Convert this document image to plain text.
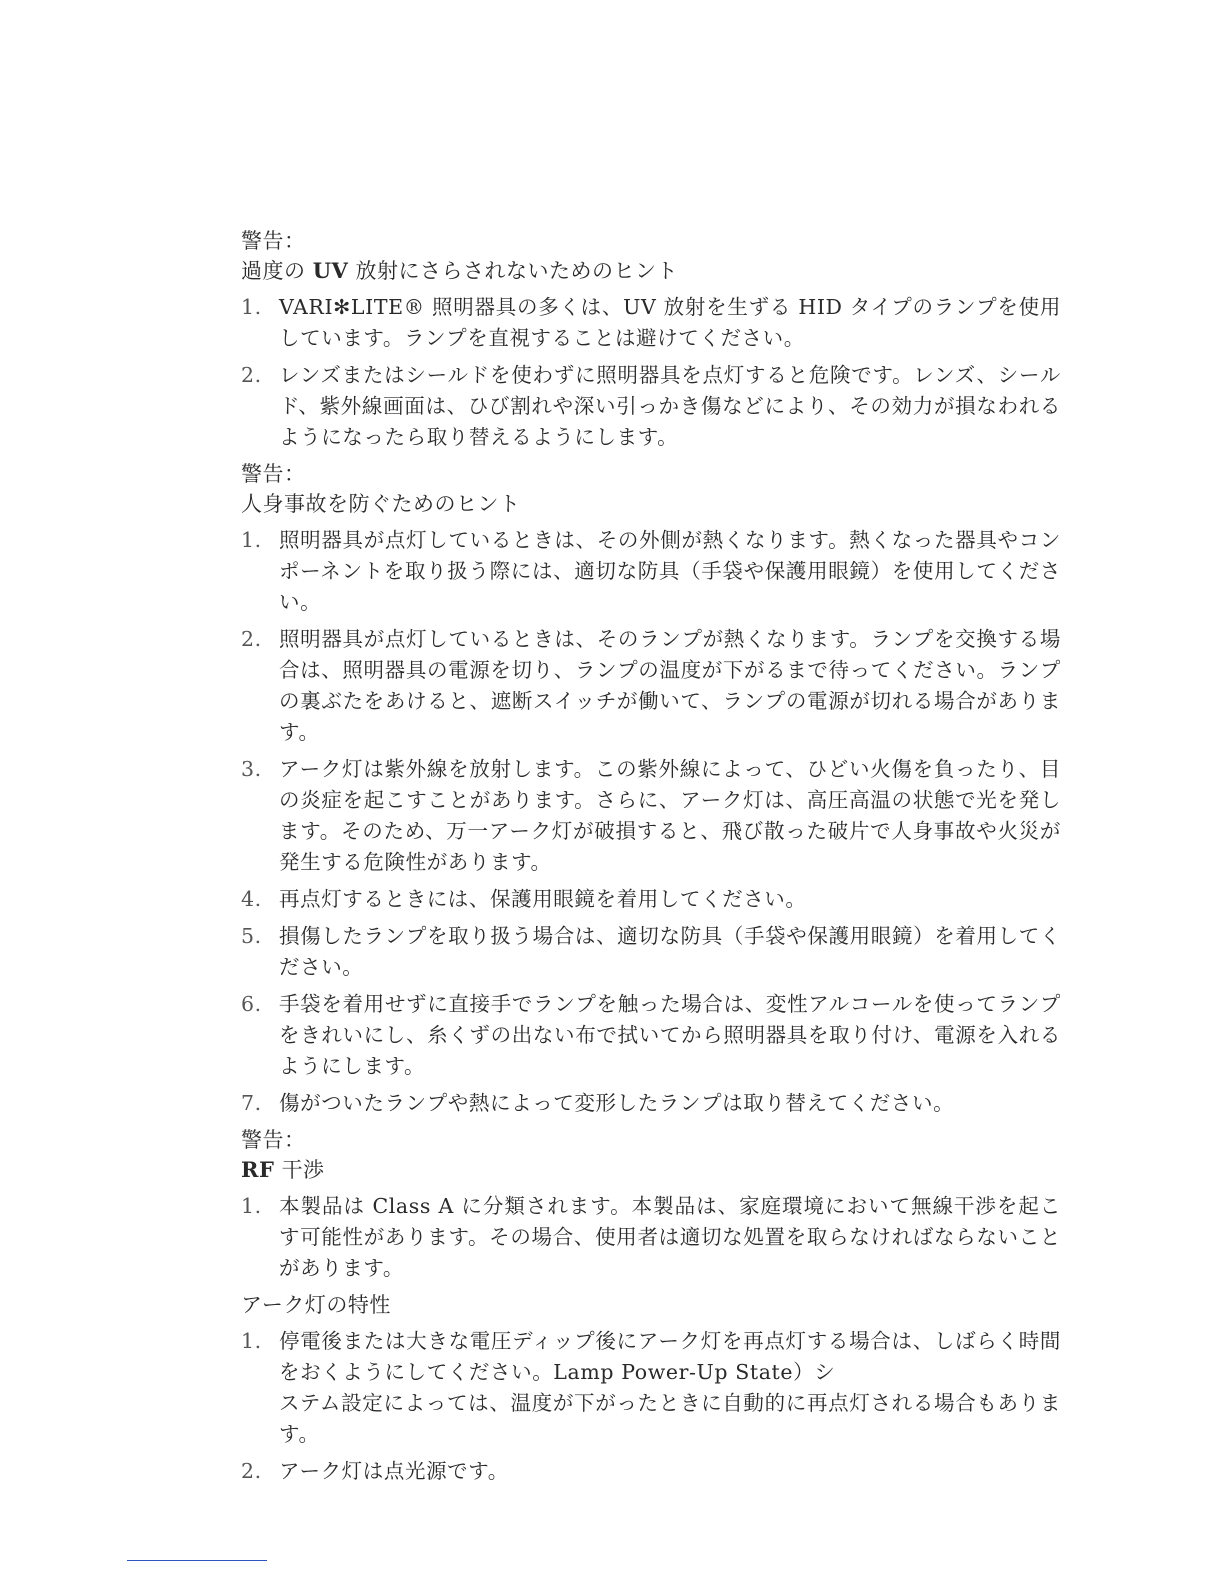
警告：

過度の UV 放射にさらされないためのヒント

1. VARI✻LITE® 照明器具の多くは、UV 放射を生ずる HID タイプのランプを使用しています。ランプを直視することは避けてください。
2. レンズまたはシールドを使わずに照明器具を点灯すると危険です。レンズ、シールド、紫外線画面は、ひび割れや深い引っかき傷などにより、その効力が損なわれるようになったら取り替えるようにします。

警告：

人身事故を防ぐためのヒント

1. 照明器具が点灯しているときは、その外側が熱くなります。熱くなった器具やコンポーネントを取り扱う際には、適切な防具（手袋や保護用眼鏡）を使用してください。
2. 照明器具が点灯しているときは、そのランプが熱くなります。ランプを交換する場合は、照明器具の電源を切り、ランプの温度が下がるまで待ってください。ランプの裏ぶたをあけると、遮断スイッチが働いて、ランプの電源が切れる場合があります。
3. アーク灯は紫外線を放射します。この紫外線によって、ひどい火傷を負ったり、目の炎症を起こすことがあります。さらに、アーク灯は、高圧高温の状態で光を発します。そのため、万一アーク灯が破損すると、飛び散った破片で人身事故や火災が発生する危険性があります。
4. 再点灯するときには、保護用眼鏡を着用してください。
5. 損傷したランプを取り扱う場合は、適切な防具（手袋や保護用眼鏡）を着用してください。
6. 手袋を着用せずに直接手でランプを触った場合は、変性アルコールを使ってランプをきれいにし、糸くずの出ない布で拭いてから照明器具を取り付け、電源を入れるようにします。
7. 傷がついたランプや熱によって変形したランプは取り替えてください。

警告：

RF 干渉

1. 本製品は Class A に分類されます。本製品は、家庭環境において無線干渉を起こす可能性があります。その場合、使用者は適切な処置を取らなければならないことがあります。

アーク灯の特性

1. 停電後または大きな電圧ディップ後にアーク灯を再点灯する場合は、しばらく時間をおくようにしてください。Lamp Power-Up State）シ
ステム設定によっては、温度が下がったときに自動的に再点灯される場合もあります。
2. アーク灯は点光源です。
